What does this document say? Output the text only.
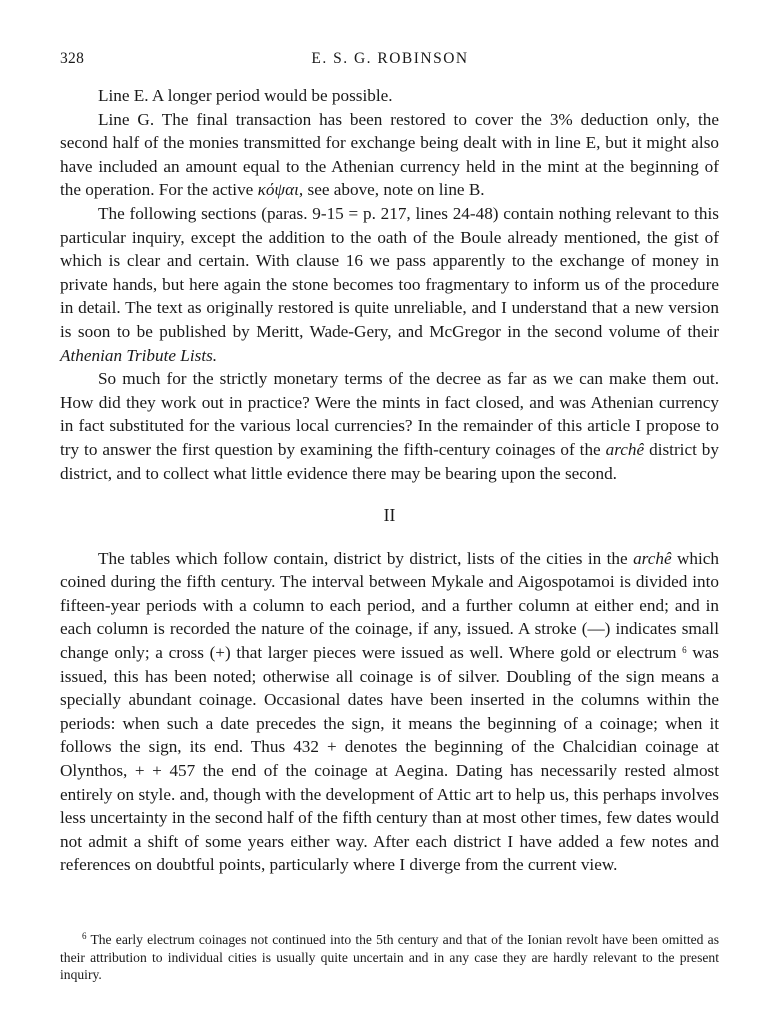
328	E. S. G. ROBINSON

Line E. A longer period would be possible.

Line G. The final transaction has been restored to cover the 3% deduction only, the second half of the monies transmitted for exchange being dealt with in line E, but it might also have included an amount equal to the Athenian currency held in the mint at the beginning of the operation. For the active κόψαι, see above, note on line B.

The following sections (paras. 9-15 = p. 217, lines 24-48) contain nothing relevant to this particular inquiry, except the addition to the oath of the Boule already mentioned, the gist of which is clear and certain. With clause 16 we pass apparently to the exchange of money in private hands, but here again the stone becomes too fragmentary to inform us of the procedure in detail. The text as originally restored is quite unreliable, and I understand that a new version is soon to be published by Meritt, Wade-Gery, and McGregor in the second volume of their Athenian Tribute Lists.

So much for the strictly monetary terms of the decree as far as we can make them out. How did they work out in practice? Were the mints in fact closed, and was Athenian currency in fact substituted for the various local currencies? In the remainder of this article I propose to try to answer the first question by examining the fifth-century coinages of the archê district by district, and to collect what little evidence there may be bearing upon the second.

II

The tables which follow contain, district by district, lists of the cities in the archê which coined during the fifth century. The interval between Mykale and Aigospotamoi is divided into fifteen-year periods with a column to each period, and a further column at either end; and in each column is recorded the nature of the coinage, if any, issued. A stroke (—) indicates small change only; a cross (+) that larger pieces were issued as well. Where gold or electrum $^6$ was issued, this has been noted; otherwise all coinage is of silver. Doubling of the sign means a specially abundant coinage. Occasional dates have been inserted in the columns within the periods: when such a date precedes the sign, it means the beginning of a coinage; when it follows the sign, its end. Thus 432 + denotes the beginning of the Chalcidian coinage at Olynthos, + + 457 the end of the coinage at Aegina. Dating has necessarily rested almost entirely on style. and, though with the development of Attic art to help us, this perhaps involves less uncertainty in the second half of the fifth century than at most other times, few dates would not admit a shift of some years either way. After each district I have added a few notes and references on doubtful points, particularly where I diverge from the current view.

$^6$ The early electrum coinages not continued into the 5th century and that of the Ionian revolt have been omitted as their attribution to individual cities is usually quite uncertain and in any case they are hardly relevant to the present inquiry.
